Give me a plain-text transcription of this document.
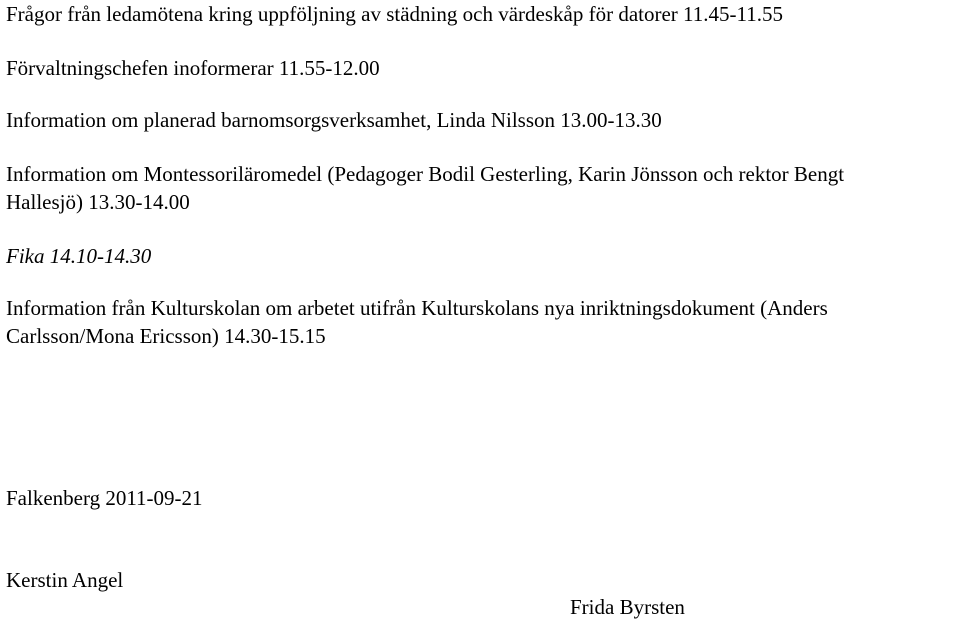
Frågor från ledamötena kring uppföljning av städning och värdeskåp för datorer 11.45-11.55
Förvaltningschefen inoformerar 11.55-12.00
Information om planerad barnomsorgsverksamhet, Linda Nilsson 13.00-13.30
Information om Montessoriläromedel (Pedagoger Bodil Gesterling, Karin Jönsson och rektor Bengt
Hallesjö) 13.30-14.00
Fika 14.10-14.30
Information från Kulturskolan om arbetet utifrån Kulturskolans nya inriktningsdokument (Anders
Carlsson/Mona Ericsson) 14.30-15.15
Falkenberg 2011-09-21
Kerstin Angel
Frida Byrsten
